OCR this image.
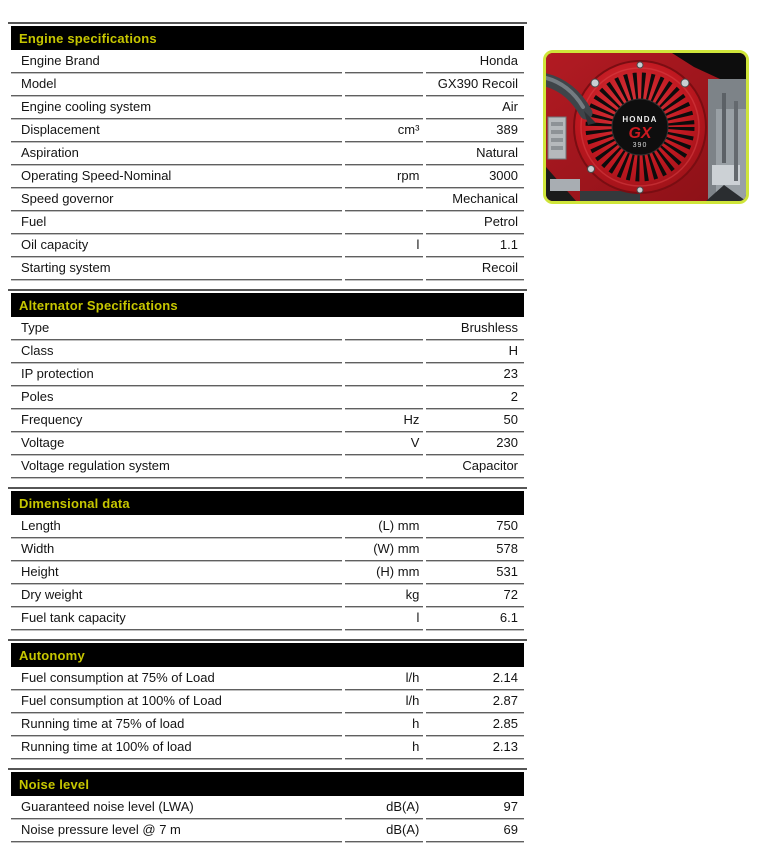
Engine specifications		
Engine Brand		Honda
Model		GX390 Recoil
Engine cooling system		Air
Displacement	cm³	389
Aspiration		Natural
Operating Speed-Nominal	rpm	3000
Speed governor		Mechanical
Fuel		Petrol
Oil capacity	l	1.1
Starting system		Recoil
Alternator Specifications		
Type		Brushless
Class		H
IP protection		23
Poles		2
Frequency	Hz	50
Voltage	V	230
Voltage regulation system		Capacitor
Dimensional data		
Length	(L) mm	750
Width	(W) mm	578
Height	(H) mm	531
Dry weight	kg	72
Fuel tank capacity	l	6.1
Autonomy		
Fuel consumption at 75% of Load	l/h	2.14
Fuel consumption at 100% of Load	l/h	2.87
Running time at 75% of load	h	2.85
Running time at 100% of load	h	2.13
Noise level		
Guaranteed noise level (LWA)	dB(A)	97
Noise pressure level @ 7 m	dB(A)	69
HONDA
GX
390
